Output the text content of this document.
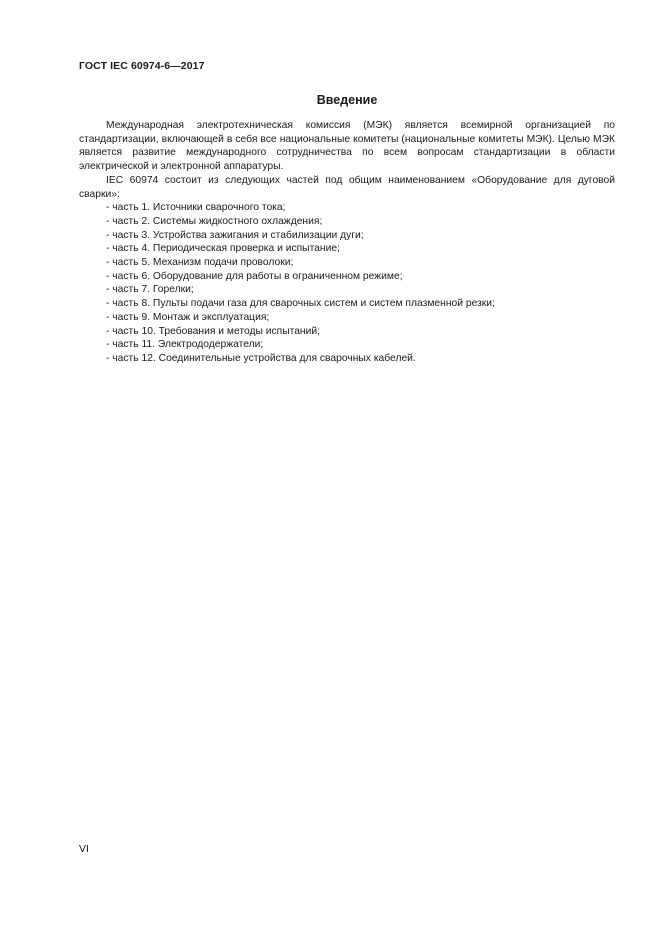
ГОСТ IEC 60974-6—2017
Введение

Международная электротехническая комиссия (МЭК) является всемирной организацией по стандартизации, включающей в себя все национальные комитеты (национальные комитеты МЭК). Целью МЭК является развитие международного сотрудничества по всем вопросам стандартизации в области электрической и электронной аппаратуры.

IEC 60974 состоит из следующих частей под общим наименованием «Оборудование для дуговой сварки»:

- часть 1. Источники сварочного тока;
- часть 2. Системы жидкостного охлаждения;
- часть 3. Устройства зажигания и стабилизации дуги;
- часть 4. Периодическая проверка и испытание;
- часть 5. Механизм подачи проволоки;
- часть 6. Оборудование для работы в ограниченном режиме;
- часть 7. Горелки;
- часть 8. Пульты подачи газа для сварочных систем и систем плазменной резки;
- часть 9. Монтаж и эксплуатация;
- часть 10. Требования и методы испытаний;
- часть 11. Электрододержатели;
- часть 12. Соединительные устройства для сварочных кабелей.
VI
